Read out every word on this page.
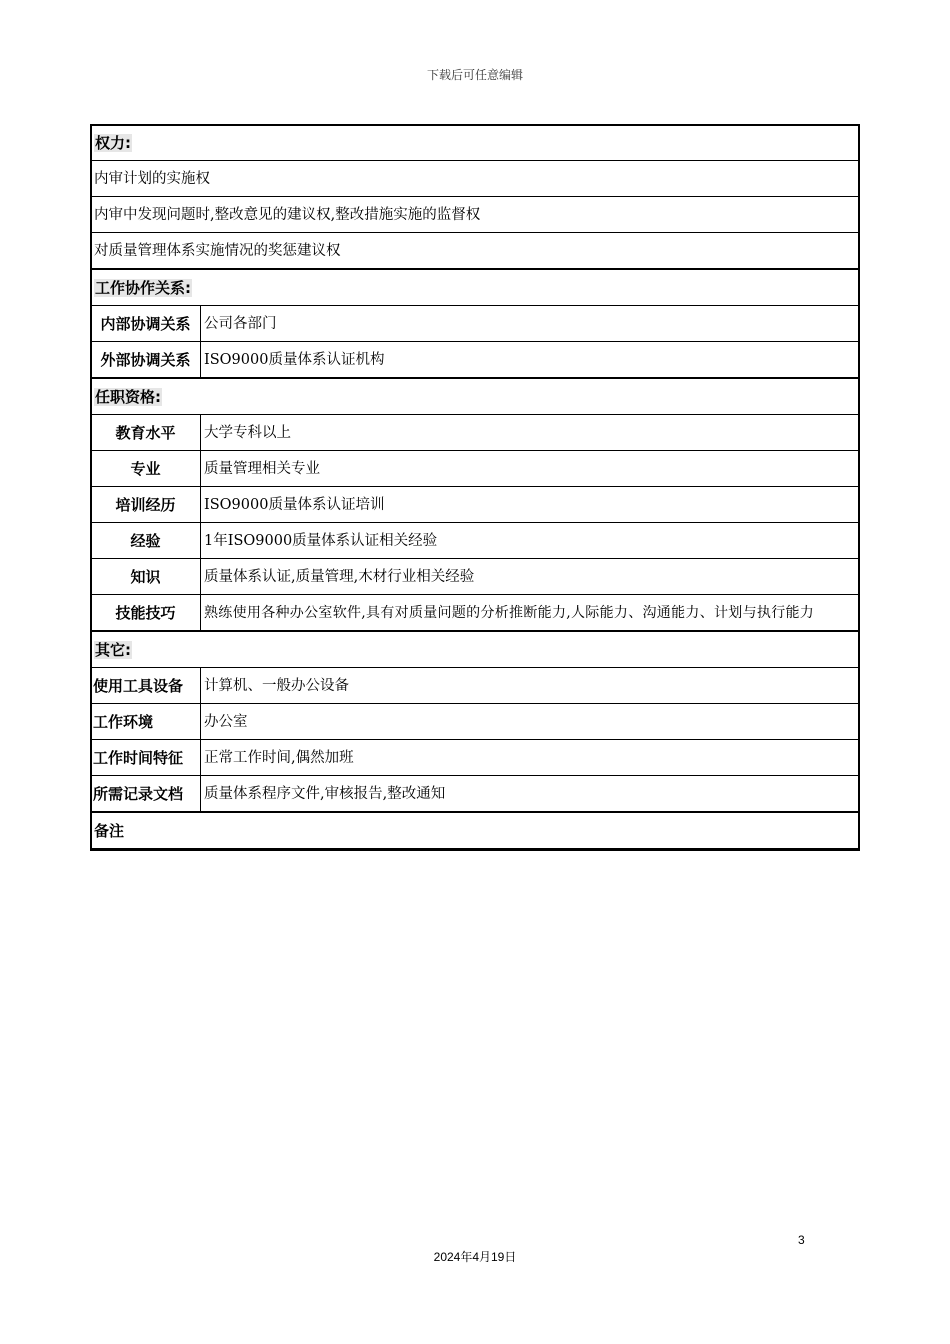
下载后可任意编辑
权力:	
内审计划的实施权	
内审中发现问题时,整改意见的建议权,整改措施实施的监督权	
对质量管理体系实施情况的奖惩建议权	
工作协作关系:	
内部协调关系	公司各部门
外部协调关系	ISO9000质量体系认证机构
任职资格:	
教育水平	大学专科以上
专业	质量管理相关专业
培训经历	ISO9000质量体系认证培训
经验	1年ISO9000质量体系认证相关经验
知识	质量体系认证,质量管理,木材行业相关经验
技能技巧	熟练使用各种办公室软件,具有对质量问题的分析推断能力,人际能力、沟通能力、计划与执行能力
其它:	
使用工具设备	计算机、一般办公设备
工作环境	办公室
工作时间特征	正常工作时间,偶然加班
所需记录文档	质量体系程序文件,审核报告,整改通知
备注	
3
2024年4月19日
